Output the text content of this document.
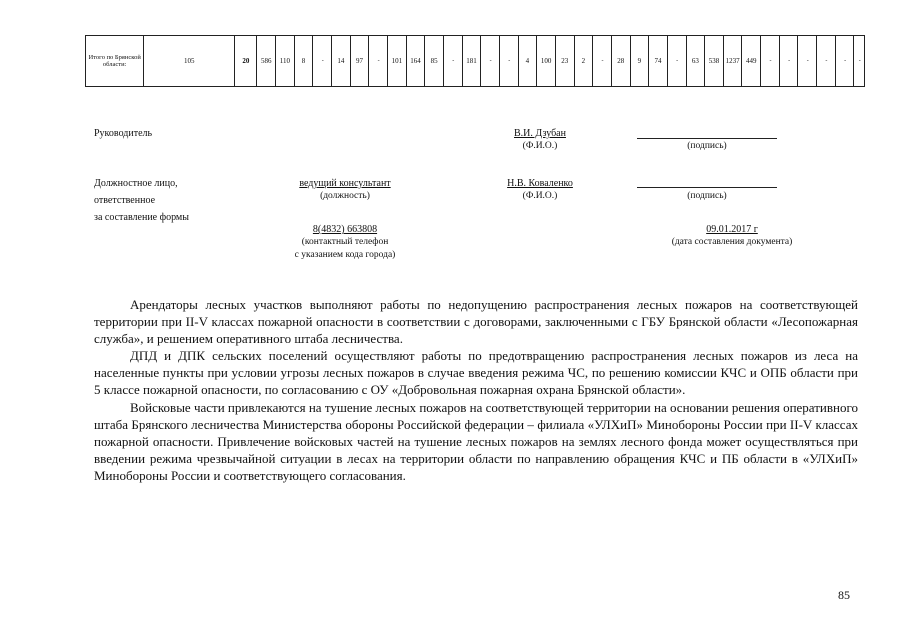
Итого по Брянской области:	105	20	586	110	8	-	14	97	-	101	164	85	-	181	-	-	4	100	23	2	-	28	9	74	-	63	538	1237	449	-	-	-	-	-	-
Руководитель	В.И. Дзубан
(Ф.И.О.)	(подпись)
Должностное лицо,
ответственное
за составление формы
ведущий консультант
(должность)
Н.В. Коваленко
(Ф.И.О.)	(подпись)
8(4832) 663808
(контактный телефон
с указанием кода города)
09.01.2017 г
(дата составления документа)

Арендаторы лесных участков выполняют работы по недопущению распространения лесных пожаров на соответствующей территории при II-V классах пожарной опасности в соответствии с договорами, заключенными с ГБУ Брянской области «Лесопожарная служба», и решением оперативного штаба лесничества.

ДПД и ДПК сельских поселений осуществляют работы по предотвращению распространения лесных пожаров из леса на населенные пункты при условии угрозы лесных пожаров в случае введения режима ЧС, по решению комиссии КЧС и ОПБ области при 5 классе пожарной опасности, по согласованию с ОУ «Добровольная пожарная охрана Брянской области».

Войсковые части привлекаются на тушение лесных пожаров на соответствующей территории на основании решения оперативного штаба Брянского лесничества Министерства обороны Российской федерации – филиала «УЛХиП» Минобороны России при II-V классах пожарной опасности. Привлечение войсковых частей на тушение лесных пожаров на землях лесного фонда может осуществляться при введении режима чрезвычайной ситуации в лесах на территории области по направлению обращения КЧС и ПБ области в «УЛХиП» Минобороны России и соответствующего согласования.

85
